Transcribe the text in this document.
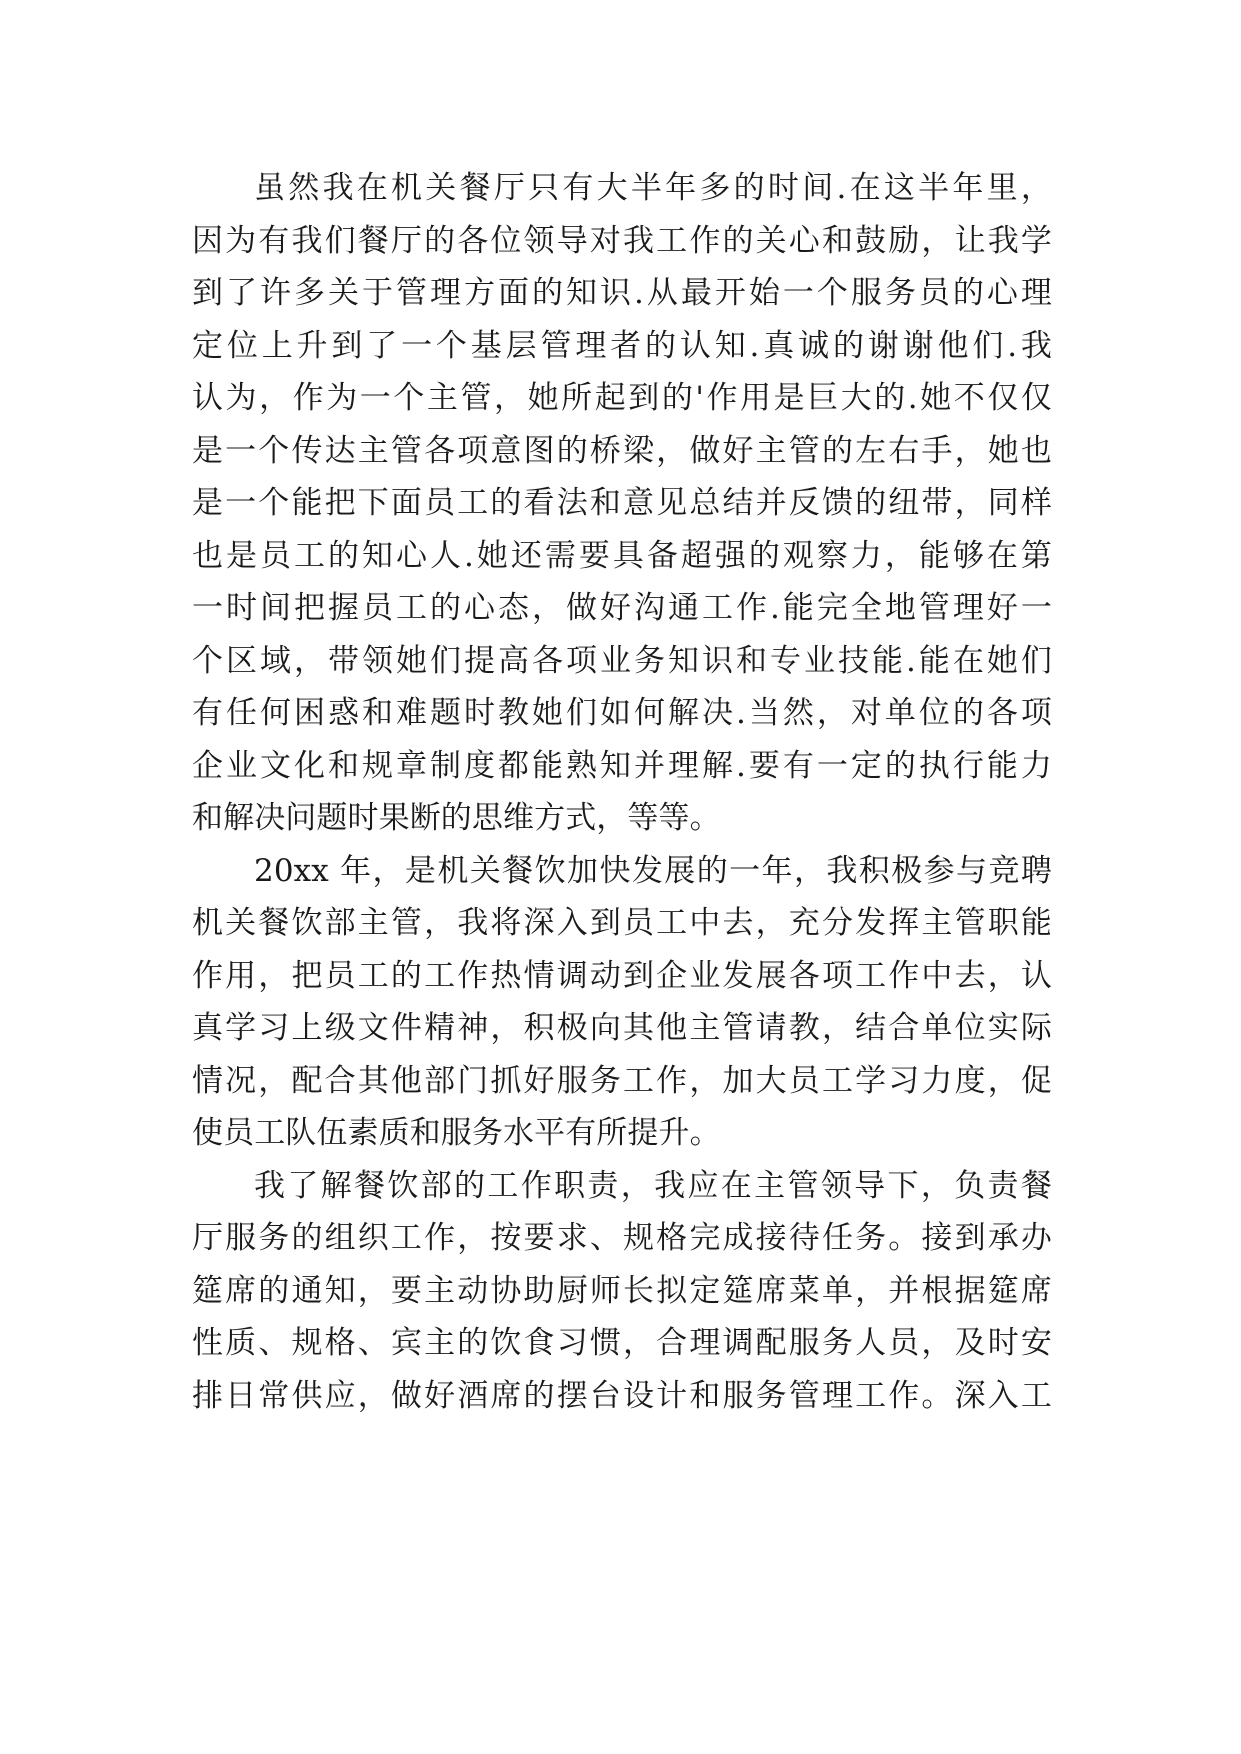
虽然我在机关餐厅只有大半年多的时间.在这半年里，
因为有我们餐厅的各位领导对我工作的关心和鼓励，让我学
到了许多关于管理方面的知识.从最开始一个服务员的心理
定位上升到了一个基层管理者的认知.真诚的谢谢他们.我
认为，作为一个主管，她所起到的'作用是巨大的.她不仅仅
是一个传达主管各项意图的桥梁，做好主管的左右手，她也
是一个能把下面员工的看法和意见总结并反馈的纽带，同样
也是员工的知心人.她还需要具备超强的观察力，能够在第
一时间把握员工的心态，做好沟通工作.能完全地管理好一
个区域，带领她们提高各项业务知识和专业技能.能在她们
有任何困惑和难题时教她们如何解决.当然，对单位的各项
企业文化和规章制度都能熟知并理解.要有一定的执行能力
和解决问题时果断的思维方式，等等。
20xx 年，是机关餐饮加快发展的一年，我积极参与竞聘
机关餐饮部主管，我将深入到员工中去，充分发挥主管职能
作用，把员工的工作热情调动到企业发展各项工作中去，认
真学习上级文件精神，积极向其他主管请教，结合单位实际
情况，配合其他部门抓好服务工作，加大员工学习力度，促
使员工队伍素质和服务水平有所提升。
我了解餐饮部的工作职责，我应在主管领导下，负责餐
厅服务的组织工作，按要求、规格完成接待任务。接到承办
筵席的通知，要主动协助厨师长拟定筵席菜单，并根据筵席
性质、规格、宾主的饮食习惯，合理调配服务人员，及时安
排日常供应，做好酒席的摆台设计和服务管理工作。深入工
